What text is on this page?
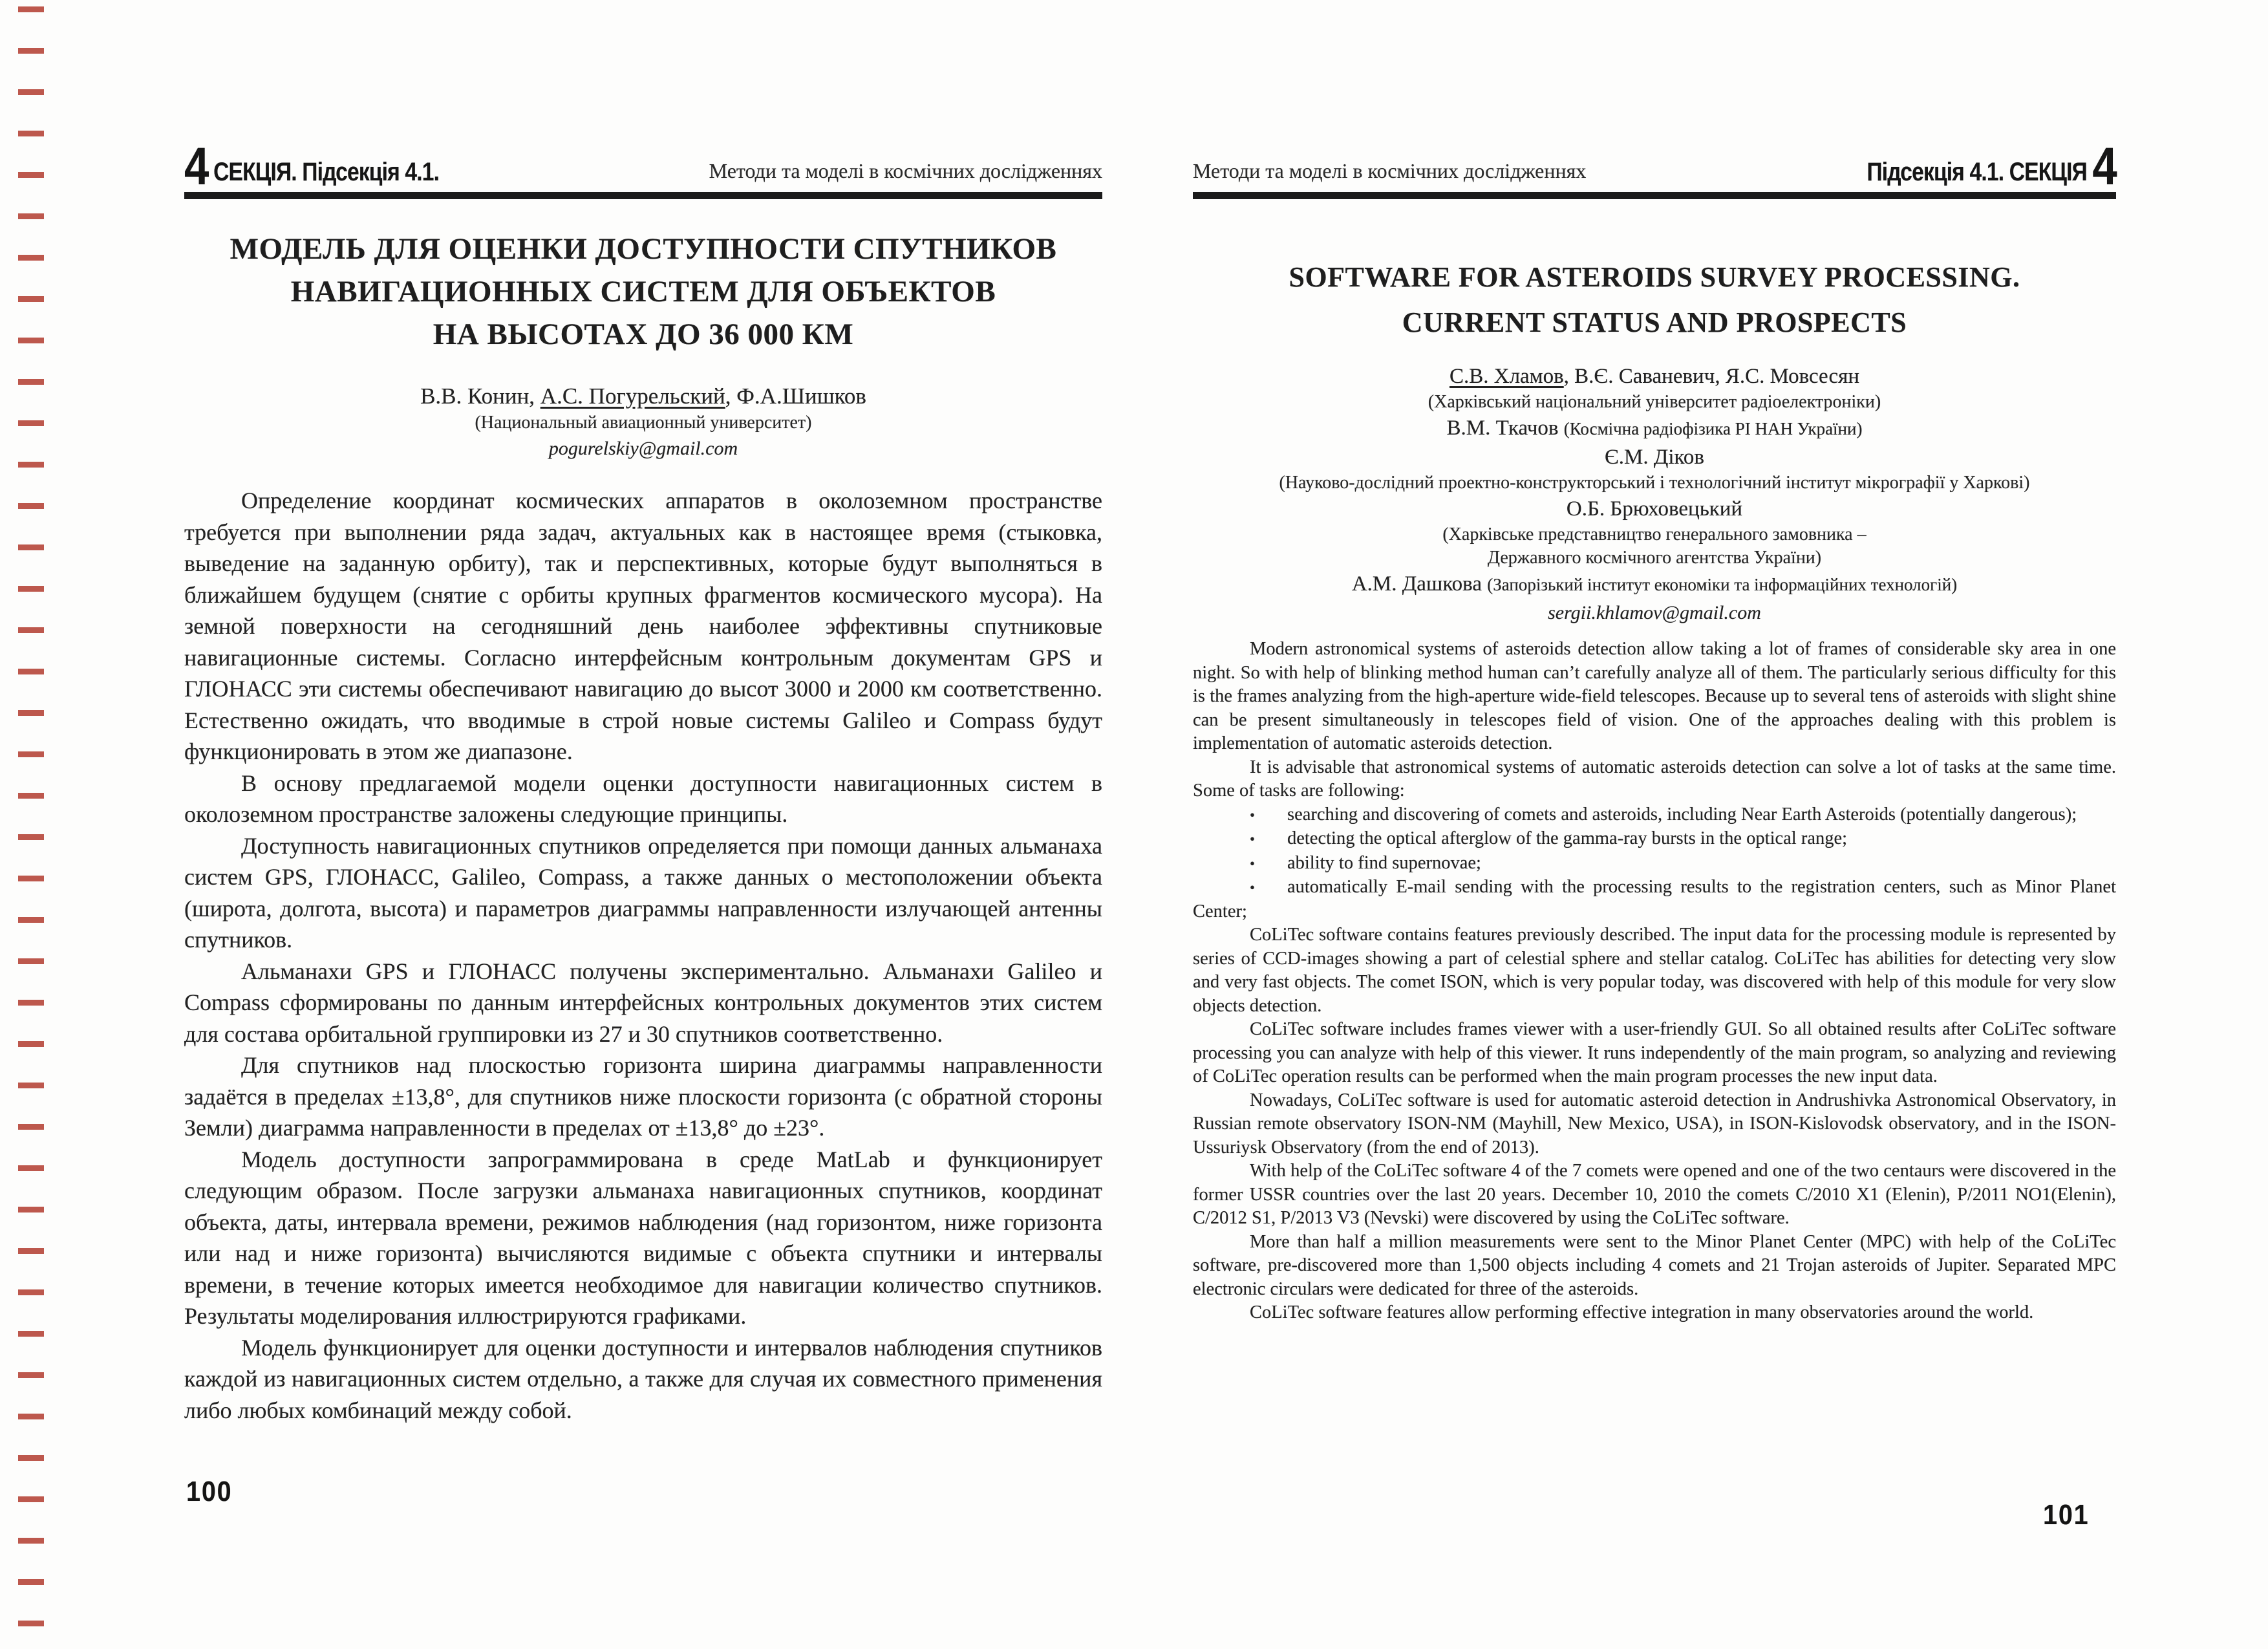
4 СЕКЦІЯ. Підсекція 4.1.	Методи та моделі в космічних дослідженнях
МОДЕЛЬ ДЛЯ ОЦЕНКИ ДОСТУПНОСТИ СПУТНИКОВ
НАВИГАЦИОННЫХ СИСТЕМ ДЛЯ ОБЪЕКТОВ
НА ВЫСОТАХ ДО 36 000 КМ
В.В. Конин, А.С. Погурельский, Ф.А.Шишков
(Национальный авиационный университет)
pogurelskiy@gmail.com

Определение координат космических аппаратов в околоземном пространстве требуется при выполнении ряда задач, актуальных как в настоящее время (стыковка, выведение на заданную орбиту), так и перспективных, которые будут выполняться в ближайшем будущем (снятие с орбиты крупных фрагментов космического мусора). На земной поверхности на сегодняшний день наиболее эффективны спутниковые навигационные системы. Согласно интерфейсным контрольным документам GPS и ГЛОНАСС эти системы обеспечивают навигацию до высот 3000 и 2000 км соответственно. Естественно ожидать, что вводимые в строй новые системы Galileo и Compass будут функционировать в этом же диапазоне.

В основу предлагаемой модели оценки доступности навигационных систем в околоземном пространстве заложены следующие принципы.

Доступность навигационных спутников определяется при помощи данных альманаха систем GPS, ГЛОНАСС, Galileo, Compass, а также данных о местоположении объекта (широта, долгота, высота) и параметров диаграммы направленности излучающей антенны спутников.

Альманахи GPS и ГЛОНАСС получены экспериментально. Альманахи Galileo и Compass сформированы по данным интерфейсных контрольных документов этих систем для состава орбитальной группировки из 27 и 30 спутников соответственно.

Для спутников над плоскостью горизонта ширина диаграммы направленности задаётся в пределах ±13,8°, для спутников ниже плоскости горизонта (с обратной стороны Земли) диаграмма направленности в пределах от ±13,8° до ±23°.

Модель доступности запрограммирована в среде MatLab и функционирует следующим образом. После загрузки альманаха навигационных спутников, координат объекта, даты, интервала времени, режимов наблюдения (над горизонтом, ниже горизонта или над и ниже горизонта) вычисляются видимые с объекта спутники и интервалы времени, в течение которых имеется необходимое для навигации количество спутников. Результаты моделирования иллюстрируются графиками.

Модель функционирует для оценки доступности и интервалов наблюдения спутников каждой из навигационных систем отдельно, а также для случая их совместного применения либо любых комбинаций между собой.

Методи та моделі в космічних дослідженнях	Підсекція 4.1. СЕКЦІЯ 4
SOFTWARE FOR ASTEROIDS SURVEY PROCESSING.
CURRENT STATUS AND PROSPECTS
С.В. Хламов, В.Є. Саваневич, Я.С. Мовсесян
(Харківський національний університет радіоелектроніки)
В.М. Ткачов (Космічна радіофізика РІ НАН України)
Є.М. Діков
(Науково-дослідний проектно-конструкторський і технологічний інститут мікрографії у Харкові)
О.Б. Брюховецький
(Харківське представництво генерального замовника –
Державного космічного агентства України)
А.М. Дашкова (Запорізький інститут економіки та інформаційних технологій)
sergii.khlamov@gmail.com

Modern astronomical systems of asteroids detection allow taking a lot of frames of considerable sky area in one night. So with help of blinking method human can’t carefully analyze all of them. The particularly serious difficulty for this is the frames analyzing from the high-aperture wide-field telescopes. Because up to several tens of asteroids with slight shine can be present simultaneously in telescopes field of vision. One of the approaches dealing with this problem is implementation of automatic asteroids detection.

It is advisable that astronomical systems of automatic asteroids detection can solve a lot of tasks at the same time. Some of tasks are following:

• searching and discovering of comets and asteroids, including Near Earth Asteroids (potentially dangerous);

• detecting the optical afterglow of the gamma-ray bursts in the optical range;

• ability to find supernovae;

• automatically E-mail sending with the processing results to the registration centers, such as Minor Planet Center;

CoLiTec software contains features previously described. The input data for the processing module is represented by series of CCD-images showing a part of celestial sphere and stellar catalog. CoLiTec has abilities for detecting very slow and very fast objects. The comet ISON, which is very popular today, was discovered with help of this module for very slow objects detection.

CoLiTec software includes frames viewer with a user-friendly GUI. So all obtained results after CoLiTec software processing you can analyze with help of this viewer. It runs independently of the main program, so analyzing and reviewing of CoLiTec operation results can be performed when the main program processes the new input data.

Nowadays, CoLiTec software is used for automatic asteroid detection in Andrushivka Astronomical Observatory, in Russian remote observatory ISON-NM (Mayhill, New Mexico, USA), in ISON-Kislovodsk observatory, and in the ISON-Ussuriysk Observatory (from the end of 2013).

With help of the CoLiTec software 4 of the 7 comets were opened and one of the two centaurs were discovered in the former USSR countries over the last 20 years. December 10, 2010 the comets C/2010 X1 (Elenin), P/2011 NO1(Elenin), C/2012 S1, P/2013 V3 (Nevski) were discovered by using the CoLiTec software.

More than half a million measurements were sent to the Minor Planet Center (MPC) with help of the CoLiTec software, pre-discovered more than 1,500 objects including 4 comets and 21 Trojan asteroids of Jupiter. Separated MPC electronic circulars were dedicated for three of the asteroids.

CoLiTec software features allow performing effective integration in many observatories around the world.

100
101
